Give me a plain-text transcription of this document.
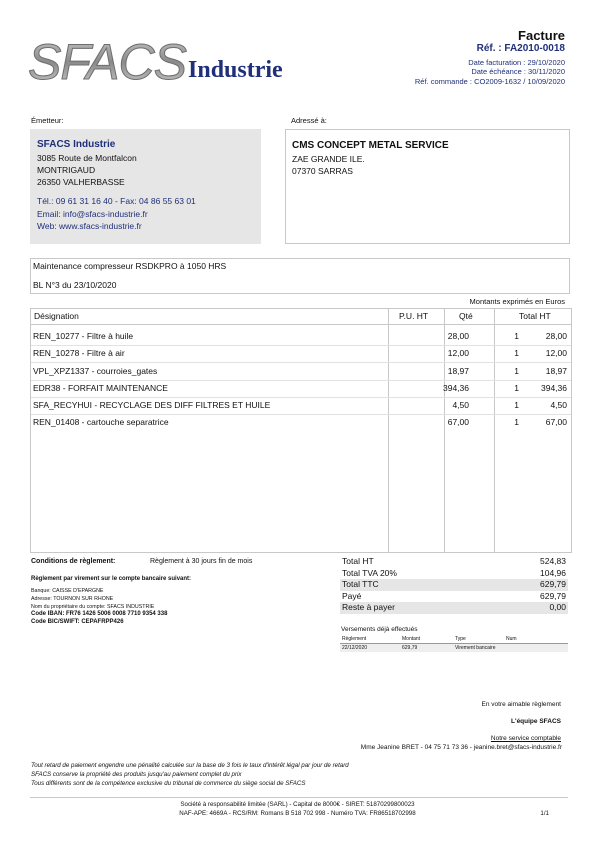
SFACS Industrie
Facture
Réf. : FA2010-0018
Date facturation : 29/10/2020
Date échéance : 30/11/2020
Réf. commande : CO2009-1632 / 10/09/2020
Émetteur:
SFACS Industrie
3085 Route de Montfalcon
MONTRIGAUD
26350 VALHERBASSE
Tél.: 09 61 31 16 40 - Fax: 04 86 55 63 01
Email: info@sfacs-industrie.fr
Web: www.sfacs-industrie.fr
Adressé à:
CMS CONCEPT METAL SERVICE
ZAE GRANDE ILE.
07370 SARRAS
Maintenance compresseur RSDKPRO à 1050 HRS
BL N°3 du 23/10/2020
Montants exprimés en Euros
Désignation	P.U. HT	Qté	Total HT
REN_10277 - Filtre à huile	28,00	1	28,00
REN_10278 - Filtre à air	12,00	1	12,00
VPL_XPZ1337 - courroies_gates	18,97	1	18,97
EDR38 - FORFAIT MAINTENANCE	394,36	1	394,36
SFA_RECYHUI - RECYCLAGE DES DIFF FILTRES ET HUILE	4,50	1	4,50
REN_01408 - cartouche separatrice	67,00	1	67,00
Conditions de règlement:	Règlement à 30 jours fin de mois
Règlement par virement sur le compte bancaire suivant:
Banque: CAISSE D'EPARGNE
Adresse: TOURNON SUR RHONE
Nom du propriétaire du compte: SFACS INDUSTRIE
Code IBAN: FR76 1426 5006 0008 7710 9354 338
Code BIC/SWIFT: CEPAFRPP426
Total HT	524,83
Total TVA 20%	104,96
Total TTC	629,79
Payé	629,79
Reste à payer	0,00
Versements déjà effectués
Règlement	Montant	Type	Num
22/12/2020	629,79	Virement bancaire
En votre aimable règlement
L'équipe SFACS
Notre service comptable
Mme Jeanine BRET - 04 75 71 73 36 - jeanine.bret@sfacs-industrie.fr
Tout retard de paiement engendre une pénalité calculée sur la base de 3 fois le taux d'intérêt légal par jour de retard
SFACS conserve la propriété des produits jusqu'au paiement complet du prix
Tous différents sont de la compétence exclusive du tribunal de commerce du siège social de SFACS
Société à responsabilité limitée (SARL) - Capital de 8000€ - SIRET: 51870299800023
NAF-APE: 4669A - RCS/RM: Romans B 518 702 998 - Numéro TVA: FR86518702998	1/1
